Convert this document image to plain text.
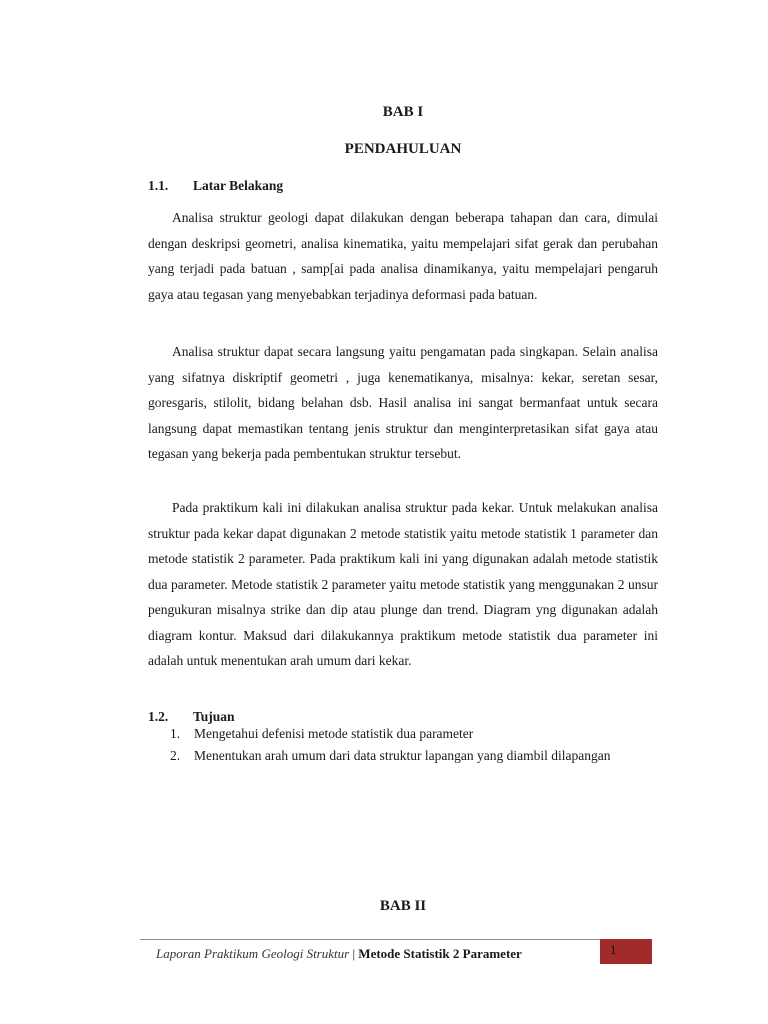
BAB I
PENDAHULUAN
1.1. Latar Belakang

Analisa struktur geologi dapat dilakukan dengan beberapa tahapan dan cara, dimulai dengan deskripsi geometri, analisa kinematika, yaitu mempelajari sifat gerak dan perubahan yang terjadi pada batuan , samp[ai pada analisa dinamikanya, yaitu mempelajari pengaruh gaya atau tegasan yang menyebabkan terjadinya deformasi pada batuan.

Analisa struktur dapat secara langsung yaitu pengamatan pada singkapan. Selain analisa yang sifatnya diskriptif geometri , juga kenematikanya, misalnya: kekar, seretan sesar, goresgaris, stilolit, bidang belahan dsb. Hasil analisa ini sangat bermanfaat untuk secara langsung dapat memastikan tentang jenis struktur dan menginterpretasikan sifat gaya atau tegasan yang bekerja pada pembentukan struktur tersebut.

Pada praktikum kali ini dilakukan analisa struktur pada kekar. Untuk melakukan analisa struktur pada kekar dapat digunakan 2 metode statistik yaitu metode statistik 1 parameter dan metode statistik 2 parameter. Pada praktikum kali ini yang digunakan adalah metode statistik dua parameter. Metode statistik 2 parameter yaitu metode statistik yang menggunakan 2 unsur pengukuran misalnya strike dan dip atau plunge dan trend. Diagram yng digunakan adalah diagram kontur. Maksud dari dilakukannya praktikum metode statistik dua parameter ini adalah untuk menentukan arah umum dari kekar.

1.2. Tujuan
1.	Mengetahui defenisi metode statistik dua parameter
2.	Menentukan arah umum dari data struktur lapangan yang diambil dilapangan
BAB II
Laporan Praktikum Geologi Struktur | Metode Statistik 2 Parameter	1
